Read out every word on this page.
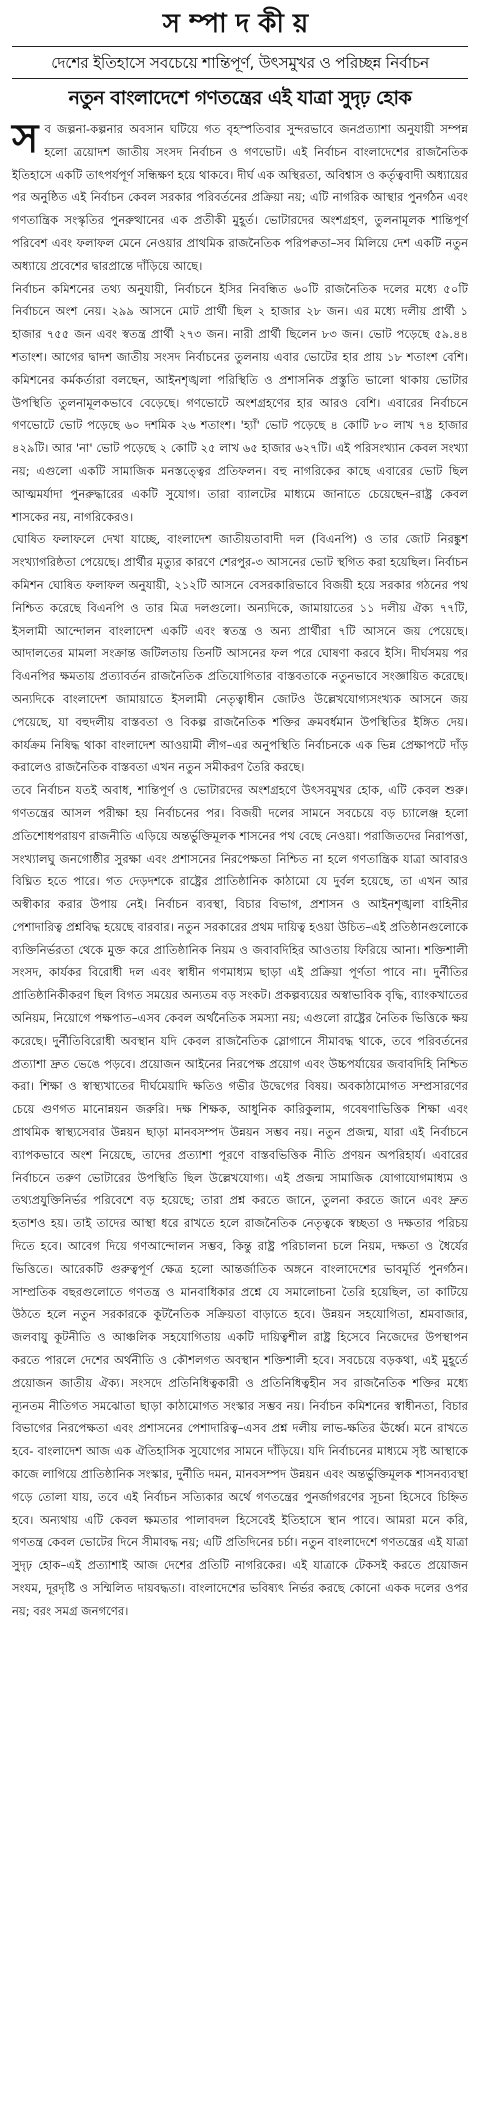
সম্পাদকীয়
দেশের ইতিহাসে সবচেয়ে শান্তিপূর্ণ, উৎসমুখর ও পরিচ্ছন্ন নির্বাচন
নতুন বাংলাদেশে গণতন্ত্রের এই যাত্রা সুদৃঢ় হোক

সব জল্পনা-কল্পনার অবসান ঘটিয়ে গত বৃহস্পতিবার সুন্দরভাবে জনপ্রত্যাশা অনুযায়ী সম্পন্ন হলো ত্রয়োদশ জাতীয় সংসদ নির্বাচন ও গণভোট। এই নির্বাচন বাংলাদেশের রাজনৈতিক ইতিহাসে একটি তাৎপর্যপূর্ণ সন্ধিক্ষণ হয়ে থাকবে। দীর্ঘ এক অস্থিরতা, অবিশ্বাস ও কর্তৃত্ববাদী অধ্যায়ের পর অনুষ্ঠিত এই নির্বাচন কেবল সরকার পরিবর্তনের প্রক্রিয়া নয়; এটি নাগরিক আস্থার পুনর্গঠন এবং গণতান্ত্রিক সংস্কৃতির পুনরুত্থানের এক প্রতীকী মুহূর্ত। ভোটারদের অংশগ্রহণ, তুলনামূলক শান্তিপূর্ণ পরিবেশ এবং ফলাফল মেনে নেওয়ার প্রাথমিক রাজনৈতিক পরিপক্বতা–সব মিলিয়ে দেশ একটি নতুন অধ্যায়ে প্রবেশের দ্বারপ্রান্তে দাঁড়িয়ে আছে।

নির্বাচন কমিশনের তথ্য অনুযায়ী, নির্বাচনে ইসির নিবন্ধিত ৬০টি রাজনৈতিক দলের মধ্যে ৫০টি নির্বাচনে অংশ নেয়। ২৯৯ আসনে মোট প্রার্থী ছিল ২ হাজার ২৮ জন। এর মধ্যে দলীয় প্রার্থী ১ হাজার ৭৫৫ জন এবং স্বতন্ত্র প্রার্থী ২৭৩ জন। নারী প্রার্থী ছিলেন ৮৩ জন। ভোট পড়েছে ৫৯.৪৪ শতাংশ। আগের দ্বাদশ জাতীয় সংসদ নির্বাচনের তুলনায় এবার ভোটের হার প্রায় ১৮ শতাংশ বেশি। কমিশনের কর্মকর্তারা বলছেন, আইনশৃঙ্খলা পরিস্থিতি ও প্রশাসনিক প্রস্তুতি ভালো থাকায় ভোটার উপস্থিতি তুলনামূলকভাবে বেড়েছে। গণভোটে অংশগ্রহণের হার আরও বেশি। এবারের নির্বাচনে গণভোটে ভোট পড়েছে ৬০ দশমিক ২৬ শতাংশ। 'হ্যাঁ' ভোট পড়েছে ৪ কোটি ৮০ লাখ ৭৪ হাজার ৪২৯টি। আর 'না' ভোট পড়েছে ২ কোটি ২৫ লাখ ৬৫ হাজার ৬২৭টি। এই পরিসংখ্যান কেবল সংখ্যা নয়; এগুলো একটি সামাজিক মনস্তত্ত্বের প্রতিফলন। বহু নাগরিকের কাছে এবারের ভোট ছিল আত্মমর্যাদা পুনরুদ্ধারের একটি সুযোগ। তারা ব্যালটের মাধ্যমে জানাতে চেয়েছেন–রাষ্ট্র কেবল শাসকের নয়, নাগরিকেরও।

ঘোষিত ফলাফলে দেখা যাচ্ছে, বাংলাদেশ জাতীয়তাবাদী দল (বিএনপি) ও তার জোট নিরঙ্কুশ সংখ্যাগরিষ্ঠতা পেয়েছে। প্রার্থীর মৃত্যুর কারণে শেরপুর-৩ আসনের ভোট স্থগিত করা হয়েছিল। নির্বাচন কমিশন ঘোষিত ফলাফল অনুযায়ী, ২১২টি আসনে বেসরকারিভাবে বিজয়ী হয়ে সরকার গঠনের পথ নিশ্চিত করেছে বিএনপি ও তার মিত্র দলগুলো। অন্যদিকে, জামায়াতের ১১ দলীয় ঐক্য ৭৭টি, ইসলামী আন্দোলন বাংলাদেশ একটি এবং স্বতন্ত্র ও অন্য প্রার্থীরা ৭টি আসনে জয় পেয়েছে। আদালতের মামলা সংক্রান্ত জটিলতায় তিনটি আসনের ফল পরে ঘোষণা করবে ইসি। দীর্ঘসময় পর বিএনপির ক্ষমতায় প্রত্যাবর্তন রাজনৈতিক প্রতিযোগিতার বাস্তবতাকে নতুনভাবে সংজ্ঞায়িত করেছে। অন্যদিকে বাংলাদেশ জামায়াতে ইসলামী নেতৃত্বাধীন জোটও উল্লেখযোগ্যসংখ্যক আসনে জয় পেয়েছে, যা বহুদলীয় বাস্তবতা ও বিকল্প রাজনৈতিক শক্তির ক্রমবর্ধমান উপস্থিতির ইঙ্গিত দেয়। কার্যক্রম নিষিদ্ধ থাকা বাংলাদেশ আওয়ামী লীগ–এর অনুপস্থিতি নির্বাচনকে এক ভিন্ন প্রেক্ষাপটে দাঁড় করালেও রাজনৈতিক বাস্তবতা এখন নতুন সমীকরণ তৈরি করছে।

তবে নির্বাচন যতই অবাধ, শান্তিপূর্ণ ও ভোটারদের অংশগ্রহণে উৎসবমুখর হোক, এটি কেবল শুরু। গণতন্ত্রের আসল পরীক্ষা হয় নির্বাচনের পর। বিজয়ী দলের সামনে সবচেয়ে বড় চ্যালেঞ্জ হলো প্রতিশোধপরায়ণ রাজনীতি এড়িয়ে অন্তর্ভুক্তিমূলক শাসনের পথ বেছে নেওয়া। পরাজিতদের নিরাপত্তা, সংখ্যালঘু জনগোষ্ঠীর সুরক্ষা এবং প্রশাসনের নিরপেক্ষতা নিশ্চিত না হলে গণতান্ত্রিক যাত্রা আবারও বিঘ্নিত হতে পারে। গত দেড়দশকে রাষ্ট্রের প্রাতিষ্ঠানিক কাঠামো যে দুর্বল হয়েছে, তা এখন আর অস্বীকার করার উপায় নেই। নির্বাচন ব্যবস্থা, বিচার বিভাগ, প্রশাসন ও আইনশৃঙ্খলা বাহিনীর পেশাদারিত্ব প্রশ্নবিদ্ধ হয়েছে বারবার। নতুন সরকারের প্রথম দায়িত্ব হওয়া উচিত–এই প্রতিষ্ঠানগুলোকে ব্যক্তিনির্ভরতা থেকে মুক্ত করে প্রাতিষ্ঠানিক নিয়ম ও জবাবদিহির আওতায় ফিরিয়ে আনা। শক্তিশালী সংসদ, কার্যকর বিরোধী দল এবং স্বাধীন গণমাধ্যম ছাড়া এই প্রক্রিয়া পূর্ণতা পাবে না। দুর্নীতির প্রাতিষ্ঠানিকীকরণ ছিল বিগত সময়ের অন্যতম বড় সংকট। প্রকল্পব্যয়ের অস্বাভাবিক বৃদ্ধি, ব্যাংকখাতের অনিয়ম, নিয়োগে পক্ষপাত–এসব কেবল অর্থনৈতিক সমস্যা নয়; এগুলো রাষ্ট্রের নৈতিক ভিত্তিকে ক্ষয় করেছে। দুর্নীতিবিরোধী অবস্থান যদি কেবল রাজনৈতিক স্লোগানে সীমাবদ্ধ থাকে, তবে পরিবর্তনের প্রত্যাশা দ্রুত ভেঙে পড়বে। প্রয়োজন আইনের নিরপেক্ষ প্রয়োগ এবং উচ্চপর্যায়ের জবাবদিহি নিশ্চিত করা। শিক্ষা ও স্বাস্থ্যখাতের দীর্ঘমেয়াদি ক্ষতিও গভীর উদ্বেগের বিষয়। অবকাঠামোগত সম্প্রসারণের চেয়ে গুণগত মানোন্নয়ন জরুরি। দক্ষ শিক্ষক, আধুনিক কারিকুলাম, গবেষণাভিত্তিক শিক্ষা এবং প্রাথমিক স্বাস্থ্যসেবার উন্নয়ন ছাড়া মানবসম্পদ উন্নয়ন সম্ভব নয়। নতুন প্রজন্ম, যারা এই নির্বাচনে ব্যাপকভাবে অংশ নিয়েছে, তাদের প্রত্যাশা পূরণে বাস্তবভিত্তিক নীতি প্রণয়ন অপরিহার্য। এবারের নির্বাচনে তরুণ ভোটারের উপস্থিতি ছিল উল্লেখযোগ্য। এই প্রজন্ম সামাজিক যোগাযোগমাধ্যম ও তথ্যপ্রযুক্তিনির্ভর পরিবেশে বড় হয়েছে; তারা প্রশ্ন করতে জানে, তুলনা করতে জানে এবং দ্রুত হতাশও হয়। তাই তাদের আস্থা ধরে রাখতে হলে রাজনৈতিক নেতৃত্বকে স্বচ্ছতা ও দক্ষতার পরিচয় দিতে হবে। আবেগ দিয়ে গণআন্দোলন সম্ভব, কিন্তু রাষ্ট্র পরিচালনা চলে নিয়ম, দক্ষতা ও ধৈর্যের ভিত্তিতে। আরেকটি গুরুত্বপূর্ণ ক্ষেত্র হলো আন্তর্জাতিক অঙ্গনে বাংলাদেশের ভাবমূর্তি পুনর্গঠন। সাম্প্রতিক বছরগুলোতে গণতন্ত্র ও মানবাধিকার প্রশ্নে যে সমালোচনা তৈরি হয়েছিল, তা কাটিয়ে উঠতে হলে নতুন সরকারকে কূটনৈতিক সক্রিয়তা বাড়াতে হবে। উন্নয়ন সহযোগিতা, শ্রমবাজার, জলবায়ু কূটনীতি ও আঞ্চলিক সহযোগিতায় একটি দায়িত্বশীল রাষ্ট্র হিসেবে নিজেদের উপস্থাপন করতে পারলে দেশের অর্থনীতি ও কৌশলগত অবস্থান শক্তিশালী হবে। সবচেয়ে বড়কথা, এই মুহূর্তে প্রয়োজন জাতীয় ঐক্য। সংসদে প্রতিনিধিত্বকারী ও প্রতিনিধিত্বহীন সব রাজনৈতিক শক্তির মধ্যে ন্যূনতম নীতিগত সমঝোতা ছাড়া কাঠামোগত সংস্কার সম্ভব নয়। নির্বাচন কমিশনের স্বাধীনতা, বিচার বিভাগের নিরপেক্ষতা এবং প্রশাসনের পেশাদারিত্ব–এসব প্রশ্ন দলীয় লাভ-ক্ষতির ঊর্ধ্বে। মনে রাখতে হবে- বাংলাদেশ আজ এক ঐতিহাসিক সুযোগের সামনে দাঁড়িয়ে। যদি নির্বাচনের মাধ্যমে সৃষ্ট আস্থাকে কাজে লাগিয়ে প্রাতিষ্ঠানিক সংস্কার, দুর্নীতি দমন, মানবসম্পদ উন্নয়ন এবং অন্তর্ভুক্তিমূলক শাসনব্যবস্থা গড়ে তোলা যায়, তবে এই নির্বাচন সত্যিকার অর্থে গণতন্ত্রের পুনর্জাগরণের সূচনা হিসেবে চিহ্নিত হবে। অন্যথায় এটি কেবল ক্ষমতার পালাবদল হিসেবেই ইতিহাসে স্থান পাবে। আমরা মনে করি, গণতন্ত্র কেবল ভোটের দিনে সীমাবদ্ধ নয়; এটি প্রতিদিনের চর্চা। নতুন বাংলাদেশে গণতন্ত্রের এই যাত্রা সুদৃঢ় হোক–এই প্রত্যাশাই আজ দেশের প্রতিটি নাগরিকের। এই যাত্রাকে টেকসই করতে প্রয়োজন সংযম, দূরদৃষ্টি ও সম্মিলিত দায়বদ্ধতা। বাংলাদেশের ভবিষ্যৎ নির্ভর করছে কোনো একক দলের ওপর নয়; বরং সমগ্র জনগণের।
